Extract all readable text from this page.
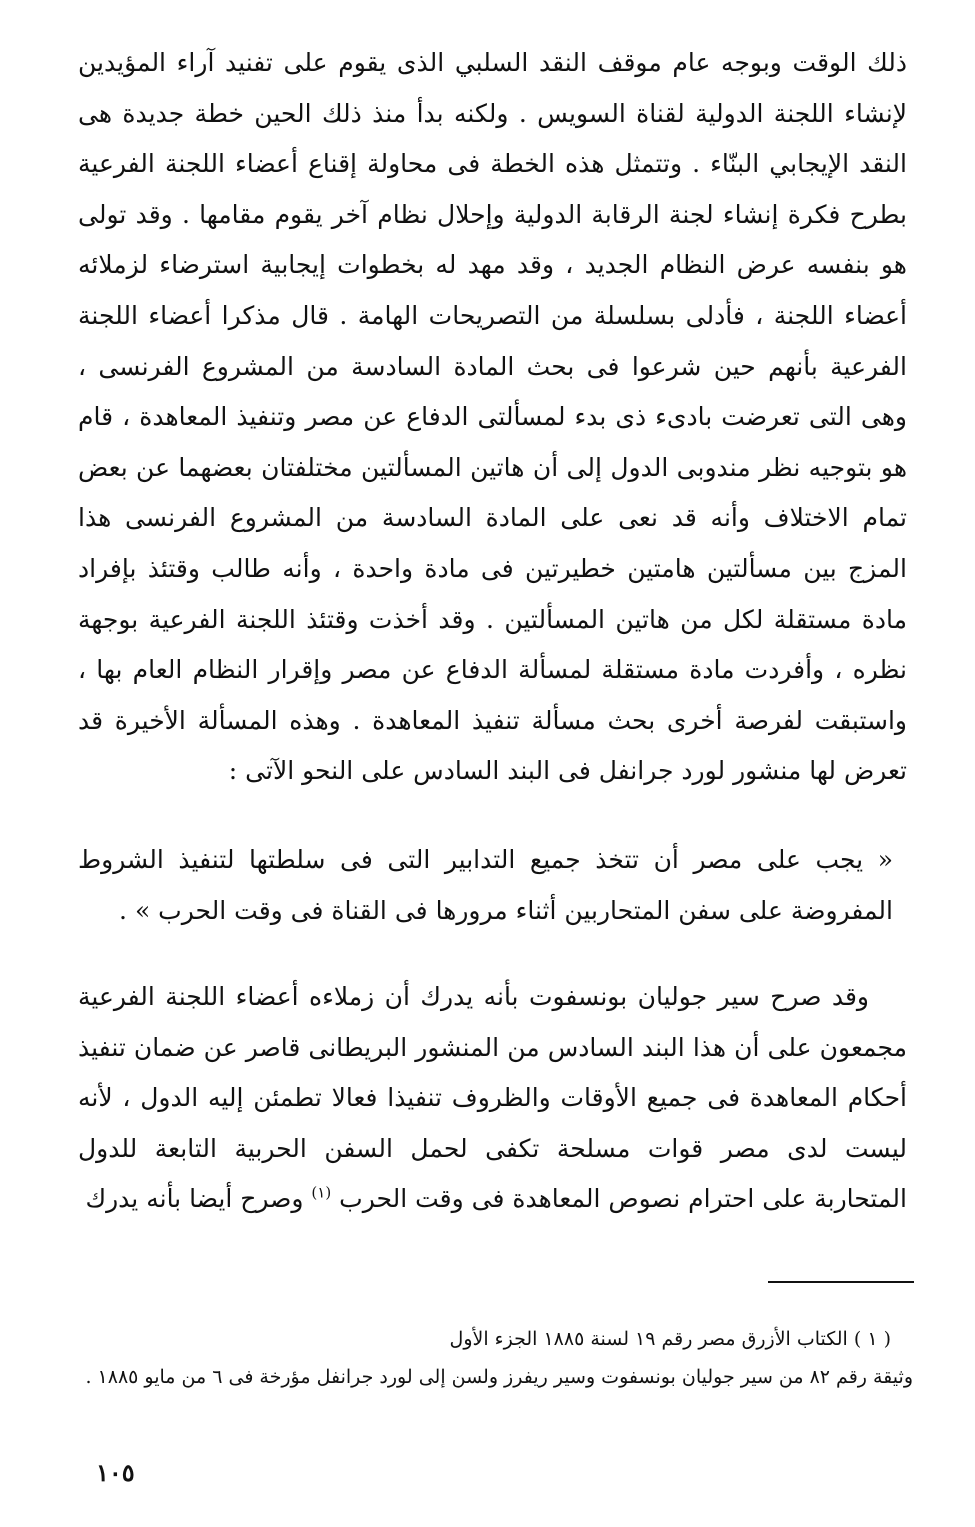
ذلك الوقت وبوجه عام موقف النقد السلبي الذى يقوم على تفنيد آراء المؤيدين لإنشاء اللجنة الدولية لقناة السويس . ولكنه بدأ منذ ذلك الحين خطة جديدة هى النقد الإيجابي البنّاء . وتتمثل هذه الخطة فى محاولة إقناع أعضاء اللجنة الفرعية بطرح فكرة إنشاء لجنة الرقابة الدولية وإحلال نظام آخر يقوم مقامها . وقد تولى هو بنفسه عرض النظام الجديد ، وقد مهد له بخطوات إيجابية استرضاء لزملائه أعضاء اللجنة ، فأدلى بسلسلة من التصريحات الهامة . قال مذكرا أعضاء اللجنة الفرعية بأنهم حين شرعوا فى بحث المادة السادسة من المشروع الفرنسى ، وهى التى تعرضت بادىء ذى بدء لمسألتى الدفاع عن مصر وتنفيذ المعاهدة ، قام هو بتوجيه نظر مندوبى الدول إلى أن هاتين المسألتين مختلفتان بعضهما عن بعض تمام الاختلاف وأنه قد نعى على المادة السادسة من المشروع الفرنسى هذا المزج بين مسألتين هامتين خطيرتين فى مادة واحدة ، وأنه طالب وقتئذ بإفراد مادة مستقلة لكل من هاتين المسألتين . وقد أخذت وقتئذ اللجنة الفرعية بوجهة نظره ، وأفردت مادة مستقلة لمسألة الدفاع عن مصر وإقرار النظام العام بها ، واستبقت لفرصة أخرى بحث مسألة تنفيذ المعاهدة . وهذه المسألة الأخيرة قد تعرض لها منشور لورد جرانفل فى البند السادس على النحو الآتى :

« يجب على مصر أن تتخذ جميع التدابير التى فى سلطتها لتنفيذ الشروط المفروضة على سفن المتحاربين أثناء مرورها فى القناة فى وقت الحرب » .

وقد صرح سير جوليان بونسفوت بأنه يدرك أن زملاءه أعضاء اللجنة الفرعية مجمعون على أن هذا البند السادس من المنشور البريطانى قاصر عن ضمان تنفيذ أحكام المعاهدة فى جميع الأوقات والظروف تنفيذا فعالا تطمئن إليه الدول ، لأنه ليست لدى مصر قوات مسلحة تكفى لحمل السفن الحربية التابعة للدول المتحاربة على احترام نصوص المعاهدة فى وقت الحرب $^{(١)}$ وصرح أيضا بأنه يدرك

( ١ ) الكتاب الأزرق مصر رقم ١٩ لسنة ١٨٨٥ الجزء الأول

وثيقة رقم ٨٢ من سير جوليان بونسفوت وسير ريفرز ولسن إلى لورد جرانفل مؤرخة فى ٦ من مايو ١٨٨٥ .

١٠٥
